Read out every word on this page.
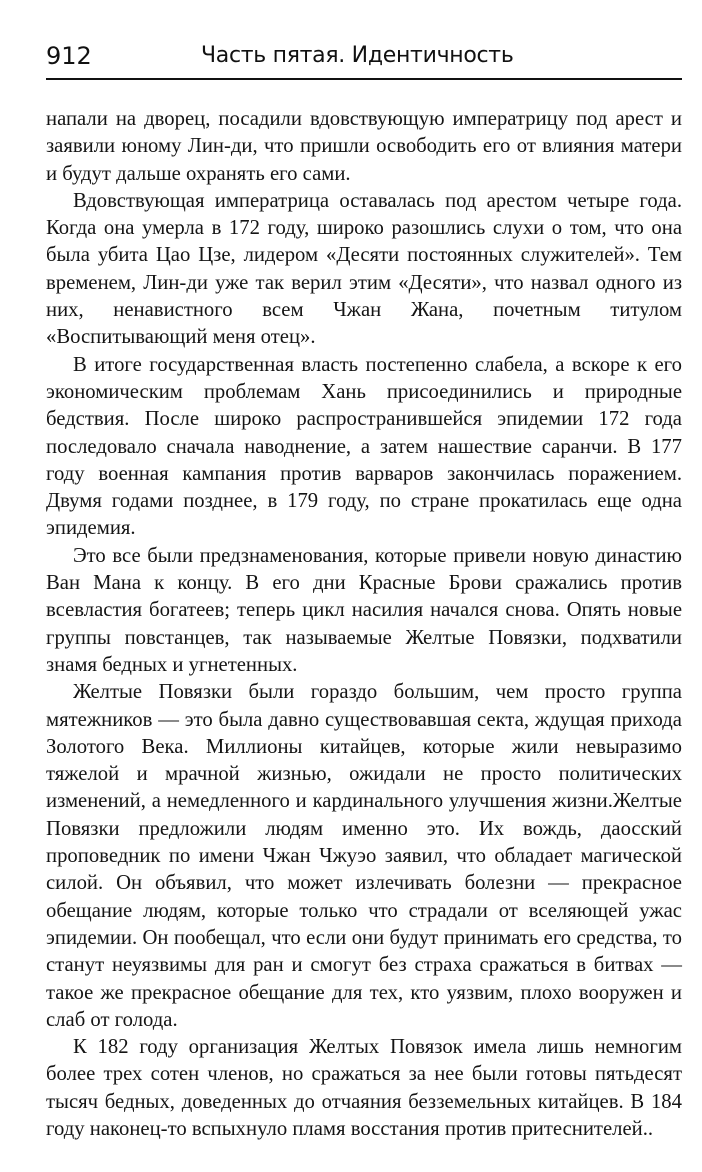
912	Часть пятая. Идентичность

напали на дворец, посадили вдовствующую императрицу под арест и заявили юному Лин-ди, что пришли освободить его от влияния матери и будут дальше охранять его сами.

Вдовствующая императрица оставалась под арестом четыре года. Когда она умерла в 172 году, широко разошлись слухи о том, что она была убита Цао Цзе, лидером «Десяти постоянных служителей». Тем временем, Лин-ди уже так верил этим «Десяти», что назвал одного из них, ненавистного всем Чжан Жана, почетным титулом «Воспитывающий меня отец».

В итоге государственная власть постепенно слабела, а вскоре к его экономическим проблемам Хань присоединились и природные бедствия. После широко распространившейся эпидемии 172 года последовало сначала наводнение, а затем нашествие саранчи. В 177 году военная кампания против варваров закончилась поражением. Двумя годами позднее, в 179 году, по стране прокатилась еще одна эпидемия.

Это все были предзнаменования, которые привели новую династию Ван Мана к концу. В его дни Красные Брови сражались против всевластия богатеев; теперь цикл насилия начался снова. Опять новые группы повстанцев, так называемые Желтые Повязки, подхватили знамя бедных и угнетенных.

Желтые Повязки были гораздо большим, чем просто группа мятежников — это была давно существовавшая секта, ждущая прихода Золотого Века. Миллионы китайцев, которые жили невыразимо тяжелой и мрачной жизнью, ожидали не просто политических изменений, а немедленного и кардинального улучшения жизни.Желтые Повязки предложили людям именно это. Их вождь, даосский проповедник по имени Чжан Чжуэо заявил, что обладает магической силой. Он объявил, что может излечивать болезни — прекрасное обещание людям, которые только что страдали от вселяющей ужас эпидемии. Он пообещал, что если они будут принимать его средства, то станут неуязвимы для ран и смогут без страха сражаться в битвах — такое же прекрасное обещание для тех, кто уязвим, плохо вооружен и слаб от голода.

К 182 году организация Желтых Повязок имела лишь немногим более трех сотен членов, но сражаться за нее были готовы пятьдесят тысяч бедных, доведенных до отчаяния безземельных китайцев. В 184 году наконец-то вспыхнуло пламя восстания против притеснителей..
